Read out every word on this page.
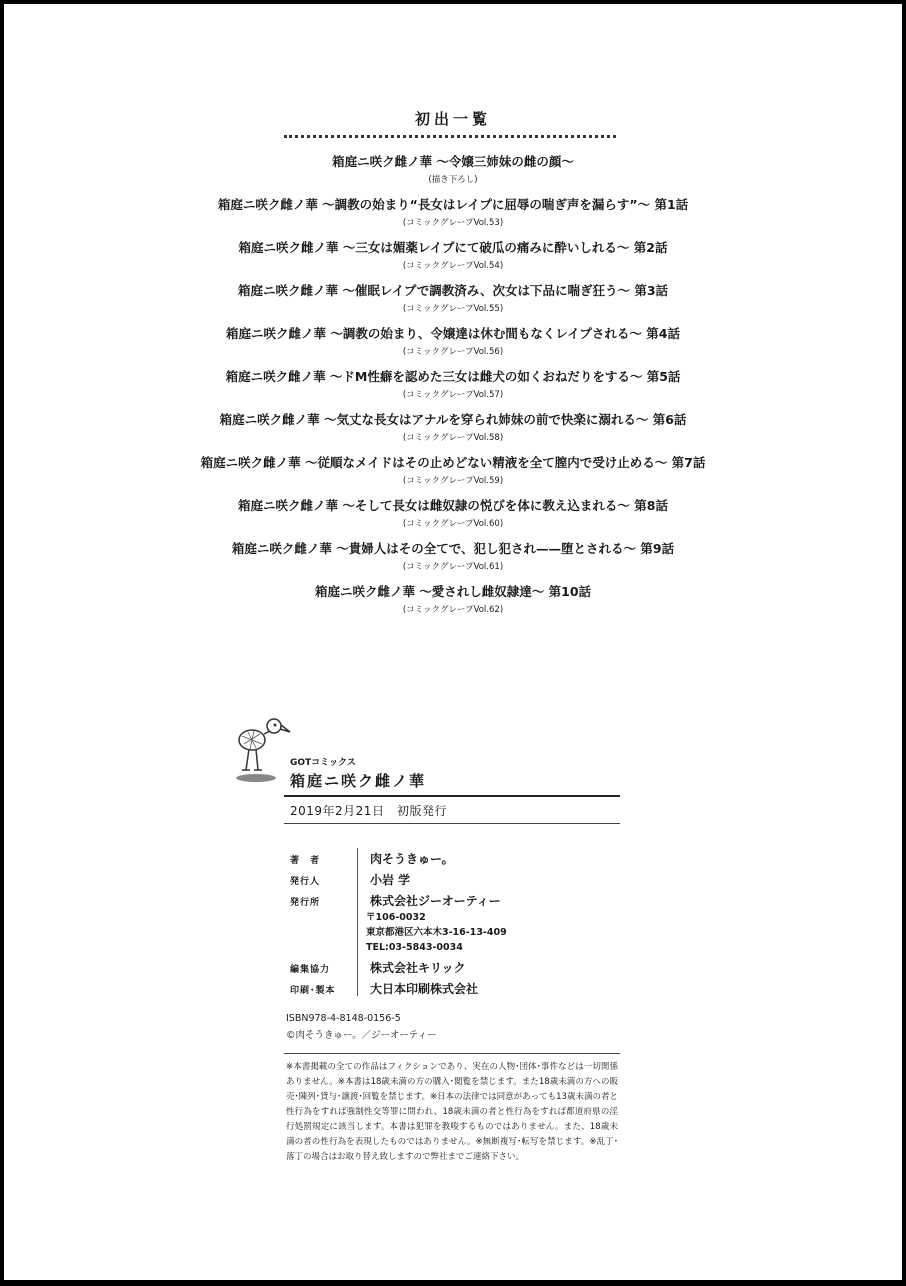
初出一覧
箱庭ニ咲ク雌ノ華 ～令嬢三姉妹の雌の顔～
(描き下ろし)
箱庭ニ咲ク雌ノ華 ～調教の始まり“長女はレイプに屈辱の喘ぎ声を漏らす”～ 第1話
(コミックグレープVol.53)
箱庭ニ咲ク雌ノ華 ～三女は媚薬レイプにて破瓜の痛みに酔いしれる～ 第2話
(コミックグレープVol.54)
箱庭ニ咲ク雌ノ華 ～催眠レイプで調教済み、次女は下品に喘ぎ狂う～ 第3話
(コミックグレープVol.55)
箱庭ニ咲ク雌ノ華 ～調教の始まり、令嬢達は休む間もなくレイプされる～ 第4話
(コミックグレープVol.56)
箱庭ニ咲ク雌ノ華 ～ドM性癖を認めた三女は雌犬の如くおねだりをする～ 第5話
(コミックグレープVol.57)
箱庭ニ咲ク雌ノ華 ～気丈な長女はアナルを穿られ姉妹の前で快楽に溺れる～ 第6話
(コミックグレープVol.58)
箱庭ニ咲ク雌ノ華 ～従順なメイドはその止めどない精液を全て膣内で受け止める～ 第7話
(コミックグレープVol.59)
箱庭ニ咲ク雌ノ華 ～そして長女は雌奴隷の悦びを体に教え込まれる～ 第8話
(コミックグレープVol.60)
箱庭ニ咲ク雌ノ華 ～貴婦人はその全てで、犯し犯され——堕とされる～ 第9話
(コミックグレープVol.61)
箱庭ニ咲ク雌ノ華 ～愛されし雌奴隷達～ 第10話
(コミックグレープVol.62)
GOTコミックス
箱庭ニ咲ク雌ノ華
2019年2月21日　初版発行
著　者	肉そうきゅー。
発行人	小岩 学
発行所	株式会社ジーオーティー
〒106-0032
東京都港区六本木3-16-13-409
TEL:03-5843-0034
編集協力	株式会社キリック
印刷･製本	大日本印刷株式会社
ISBN978-4-8148-0156-5
©肉そうきゅー。／ジーオーティー
※本書掲載の全ての作品はフィクションであり、実在の人物･団体･事件などは一切関係ありません。※本書は18歳未満の方の購入･閲覧を禁じます。また18歳未満の方への販売･陳列･貸与･譲渡･回覧を禁じます。※日本の法律では同意があっても13歳未満の者と性行為をすれば強制性交等罪に問われ、18歳未満の者と性行為をすれば都道府県の淫行処罰規定に該当します。本書は犯罪を教唆するものではありません。また、18歳未満の者の性行為を表現したものではありません。※無断複写･転写を禁じます。※乱丁･落丁の場合はお取り替え致しますので弊社までご連絡下さい。
